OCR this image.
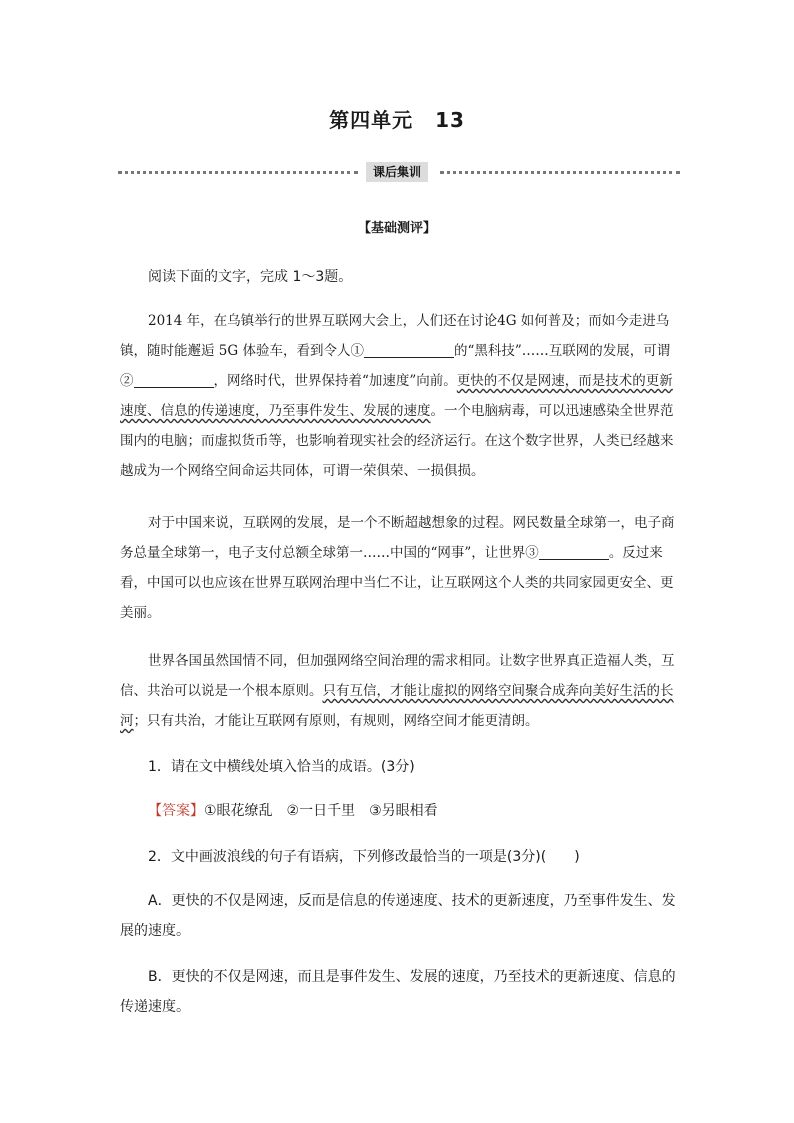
第四单元 13
课后集训
【基础测评】
阅读下面的文字，完成 1～3题。
2014 年，在乌镇举行的世界互联网大会上，人们还在讨论4G 如何普及；而如今走进乌镇，随时能邂逅 5G 体验车，看到令人①	的“黑科技”……互联网的发展，可谓②	，网络时代，世界保持着“加速度”向前。更快的不仅是网速，而是技术的更新速度、信息的传递速度，乃至事件发生、发展的速度。一个电脑病毒，可以迅速感染全世界范围内的电脑；而虚拟货币等，也影响着现实社会的经济运行。在这个数字世界，人类已经越来越成为一个网络空间命运共同体，可谓一荣俱荣、一损俱损。
对于中国来说，互联网的发展，是一个不断超越想象的过程。网民数量全球第一，电子商务总量全球第一，电子支付总额全球第一……中国的“网事”，让世界③	。反过来看，中国可以也应该在世界互联网治理中当仁不让，让互联网这个人类的共同家园更安全、更美丽。
世界各国虽然国情不同，但加强网络空间治理的需求相同。让数字世界真正造福人类，互信、共治可以说是一个根本原则。只有互信，才能让虚拟的网络空间聚合成奔向美好生活的长河；只有共治，才能让互联网有原则，有规则，网络空间才能更清朗。
1．请在文中横线处填入恰当的成语。(3分)
【答案】①眼花缭乱　②一日千里　③另眼相看
2．文中画波浪线的句子有语病，下列修改最恰当的一项是(3分)(　　)
A．更快的不仅是网速，反而是信息的传递速度、技术的更新速度，乃至事件发生、发展的速度。
B．更快的不仅是网速，而且是事件发生、发展的速度，乃至技术的更新速度、信息的传递速度。
